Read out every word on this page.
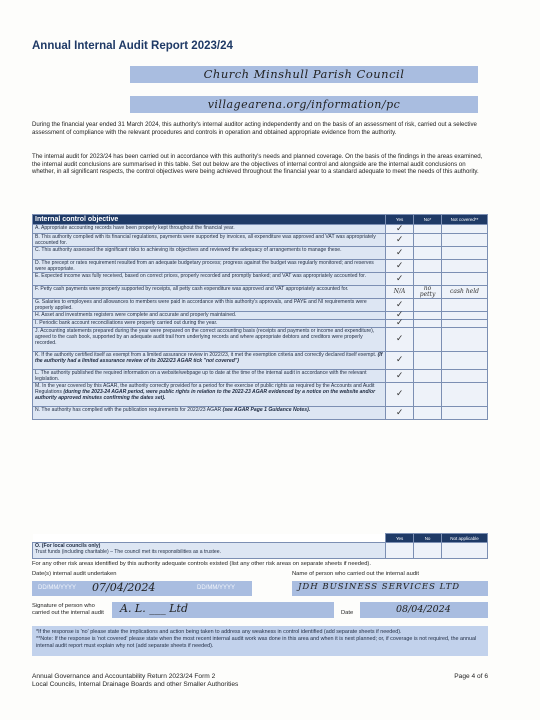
Annual Internal Audit Report 2023/24
Church Minshull Parish Council
villagearena.org/information/pc
During the financial year ended 31 March 2024, this authority's internal auditor acting independently and on the basis of an assessment of risk, carried out a selective assessment of compliance with the relevant procedures and controls in operation and obtained appropriate evidence from the authority.
The internal audit for 2023/24 has been carried out in accordance with this authority's needs and planned coverage. On the basis of the findings in the areas examined, the internal audit conclusions are summarised in this table. Set out below are the objectives of internal control and alongside are the internal audit conclusions on whether, in all significant respects, the control objectives were being achieved throughout the financial year to a standard adequate to meet the needs of this authority.
Internal control objective	Yes	No*	Not covered**
A. Appropriate accounting records have been properly kept throughout the financial year.	✓		
B. This authority complied with its financial regulations, payments were supported by invoices, all expenditure was approved and VAT was appropriately accounted for.	✓		
C. This authority assessed the significant risks to achieving its objectives and reviewed the adequacy of arrangements to manage these.	✓		
D. The precept or rates requirement resulted from an adequate budgetary process; progress against the budget was regularly monitored; and reserves were appropriate.	✓		
E. Expected income was fully received, based on correct prices, properly recorded and promptly banked; and VAT was appropriately accounted for.	✓		
F. Petty cash payments were properly supported by receipts, all petty cash expenditure was approved and VAT appropriately accounted for.	N/A	no petty	cash held
G. Salaries to employees and allowances to members were paid in accordance with this authority's approvals, and PAYE and NI requirements were properly applied.	✓		
H. Asset and investments registers were complete and accurate and properly maintained.	✓		
I. Periodic bank account reconciliations were properly carried out during the year.	✓		
J. Accounting statements prepared during the year were prepared on the correct accounting basis (receipts and payments or income and expenditure), agreed to the cash book, supported by an adequate audit trail from underlying records and where appropriate debtors and creditors were properly recorded.	✓		
K. If the authority certified itself as exempt from a limited assurance review in 2022/23, it met the exemption criteria and correctly declared itself exempt. (If the authority had a limited assurance review of its 2022/23 AGAR tick "not covered")	✓		
L. The authority published the required information on a website/webpage up to date at the time of the internal audit in accordance with the relevant legislation.	✓		
M. In the year covered by this AGAR, the authority correctly provided for a period for the exercise of public rights as required by the Accounts and Audit Regulations (during the 2023-24 AGAR period, were public rights in relation to the 2022-23 AGAR evidenced by a notice on the website and/or authority approved minutes confirming the dates set).	✓		
N. The authority has complied with the publication requirements for 2022/23 AGAR (see AGAR Page 1 Guidance Notes).	✓		
	Yes	No	Not applicable
O. (For local councils only)
Trust funds (including charitable) – The council met its responsibilities as a trustee.			
For any other risk areas identified by this authority adequate controls existed (list any other risk areas on separate sheets if needed).
Date(s) internal audit undertaken	Name of person who carried out the internal audit
DD/MM/YYYY 07/04/2024	DD/MM/YYYY	JDH BUSINESS SERVICES LTD
Signature of person who carried out the internal audit	A. L. ___ Ltd	Date	08/04/2024
*If the response is 'no' please state the implications and action being taken to address any weakness in control identified (add separate sheets if needed).
**Note: If the response is 'not covered' please state when the most recent internal audit work was done in this area and when it is next planned; or, if coverage is not required, the annual internal audit report must explain why not (add separate sheets if needed).
Annual Governance and Accountability Return 2023/24 Form 2
Local Councils, Internal Drainage Boards and other Smaller Authorities
Page 4 of 6
